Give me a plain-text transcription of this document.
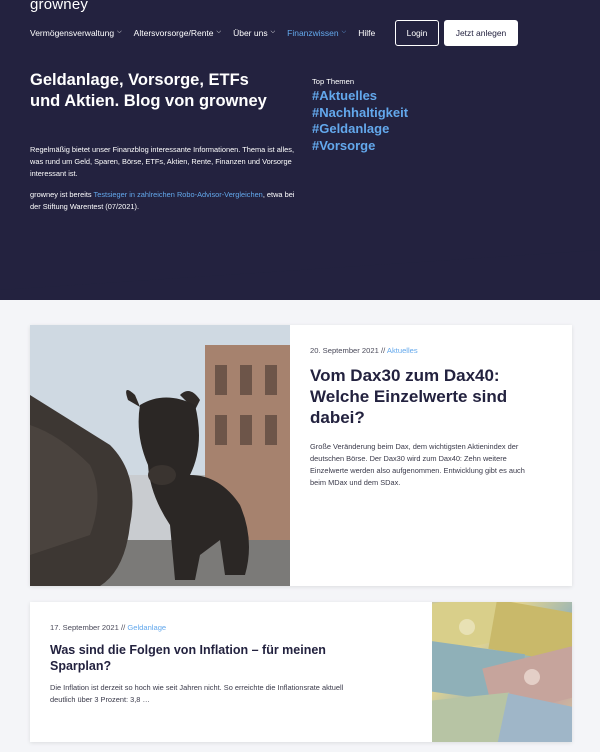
growney
Vermögensverwaltung ⌵ Altersvorsorge/Rente ⌵ Über uns ⌵ Finanzwissen ⌵ Hilfe	Login	Jetzt anlegen
Geldanlage, Vorsorge, ETFs und Aktien. Blog von growney

Regelmäßig bietet unser Finanzblog interessante Informationen. Thema ist alles, was rund um Geld, Sparen, Börse, ETFs, Aktien, Rente, Finanzen und Vorsorge interessant ist.

growney ist bereits Testsieger in zahlreichen Robo-Advisor-Vergleichen, etwa bei der Stiftung Warentest (07/2021).

Top Themen
#Aktuelles
#Nachhaltigkeit
#Geldanlage
#Vorsorge
20. September 2021 // Aktuelles
Vom Dax30 zum Dax40: Welche Einzelwerte sind dabei?

Große Veränderung beim Dax, dem wichtigsten Aktienindex der deutschen Börse. Der Dax30 wird zum Dax40: Zehn weitere Einzelwerte werden also aufgenommen. Entwicklung gibt es auch beim MDax und dem SDax.

17. September 2021 // Geldanlage
Was sind die Folgen von Inflation – für meinen Sparplan?

Die Inflation ist derzeit so hoch wie seit Jahren nicht. So erreichte die Inflationsrate aktuell deutlich über 3 Prozent: 3,8 …
